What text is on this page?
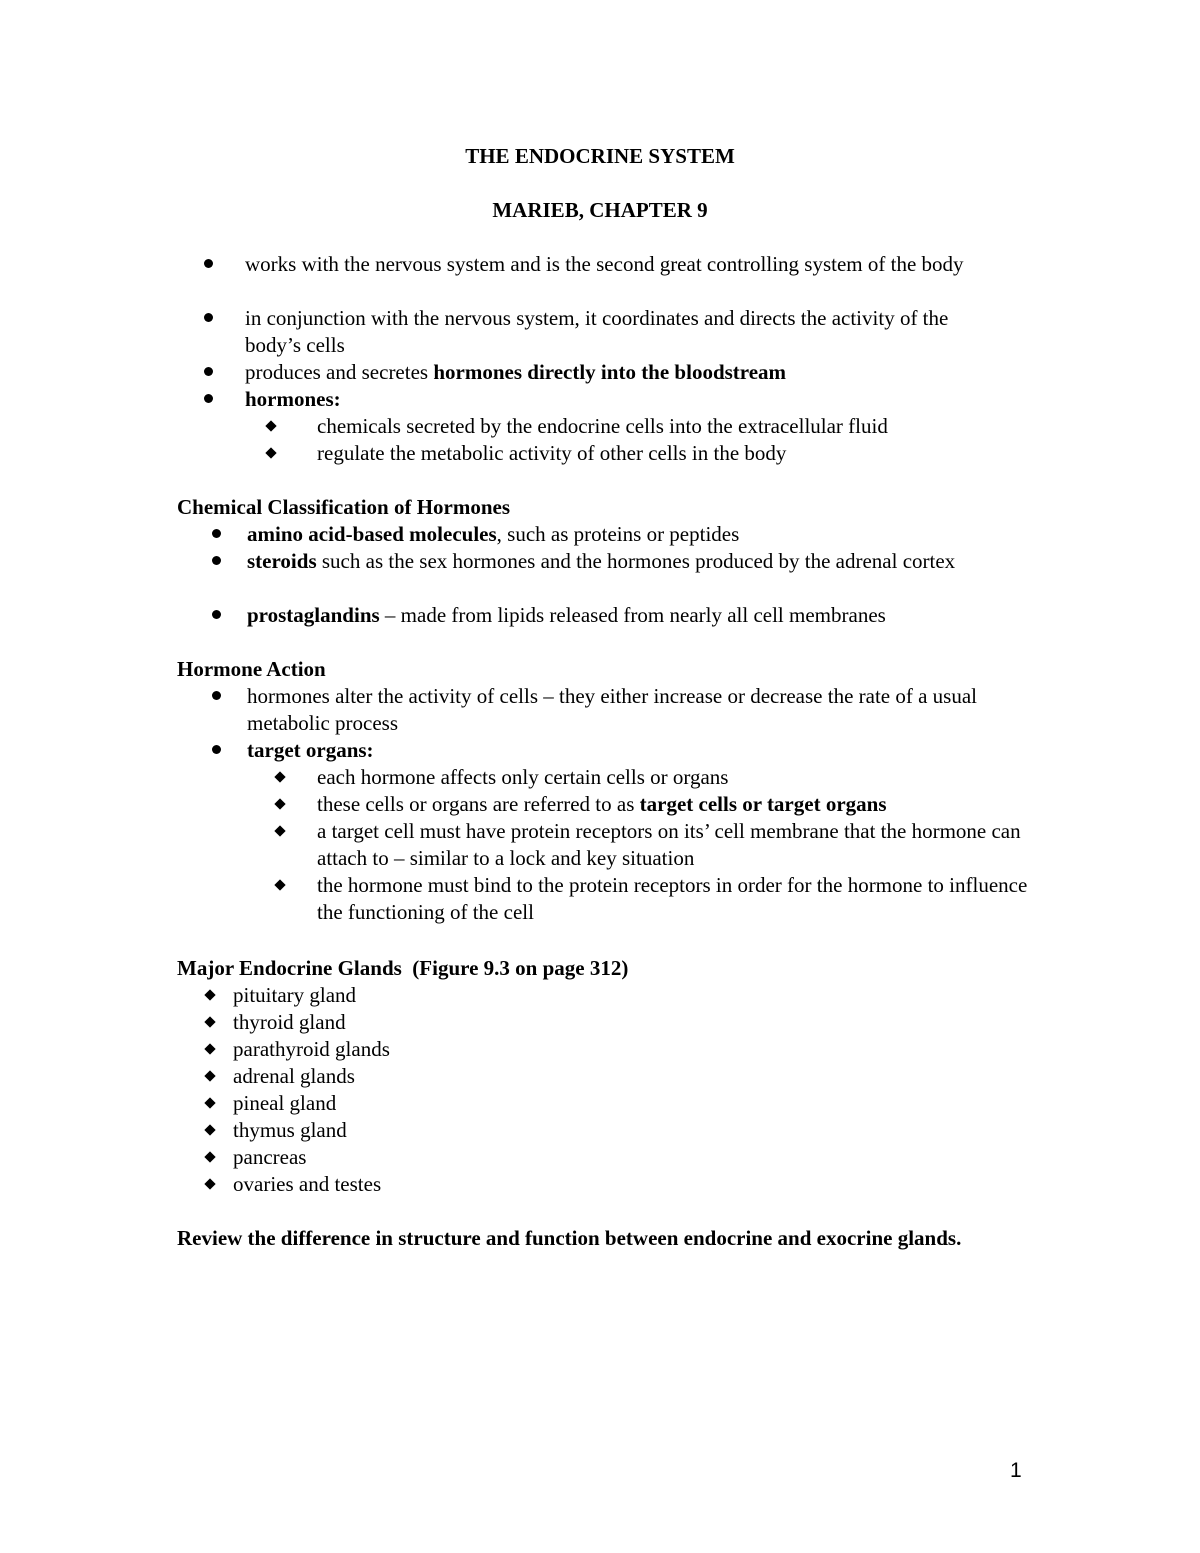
THE ENDOCRINE SYSTEM
MARIEB, CHAPTER 9
works with the nervous system and is the second great controlling system of the body
in conjunction with the nervous system, it coordinates and directs the activity of the body’s cells
produces and secretes hormones directly into the bloodstream
hormones:
chemicals secreted by the endocrine cells into the extracellular fluid
regulate the metabolic activity of other cells in the body
Chemical Classification of Hormones
amino acid-based molecules, such as proteins or peptides
steroids such as the sex hormones and the hormones produced by the adrenal cortex
prostaglandins – made from lipids released from nearly all cell membranes
Hormone Action
hormones alter the activity of cells – they either increase or decrease the rate of a usual metabolic process
target organs:
each hormone affects only certain cells or organs
these cells or organs are referred to as target cells or target organs
a target cell must have protein receptors on its’ cell membrane that the hormone can attach to – similar to a lock and key situation
the hormone must bind to the protein receptors in order for the hormone to influence the functioning of the cell
Major Endocrine Glands  (Figure 9.3 on page 312)
pituitary gland
thyroid gland
parathyroid glands
adrenal glands
pineal gland
thymus gland
pancreas
ovaries and testes
Review the difference in structure and function between endocrine and exocrine glands.
1
